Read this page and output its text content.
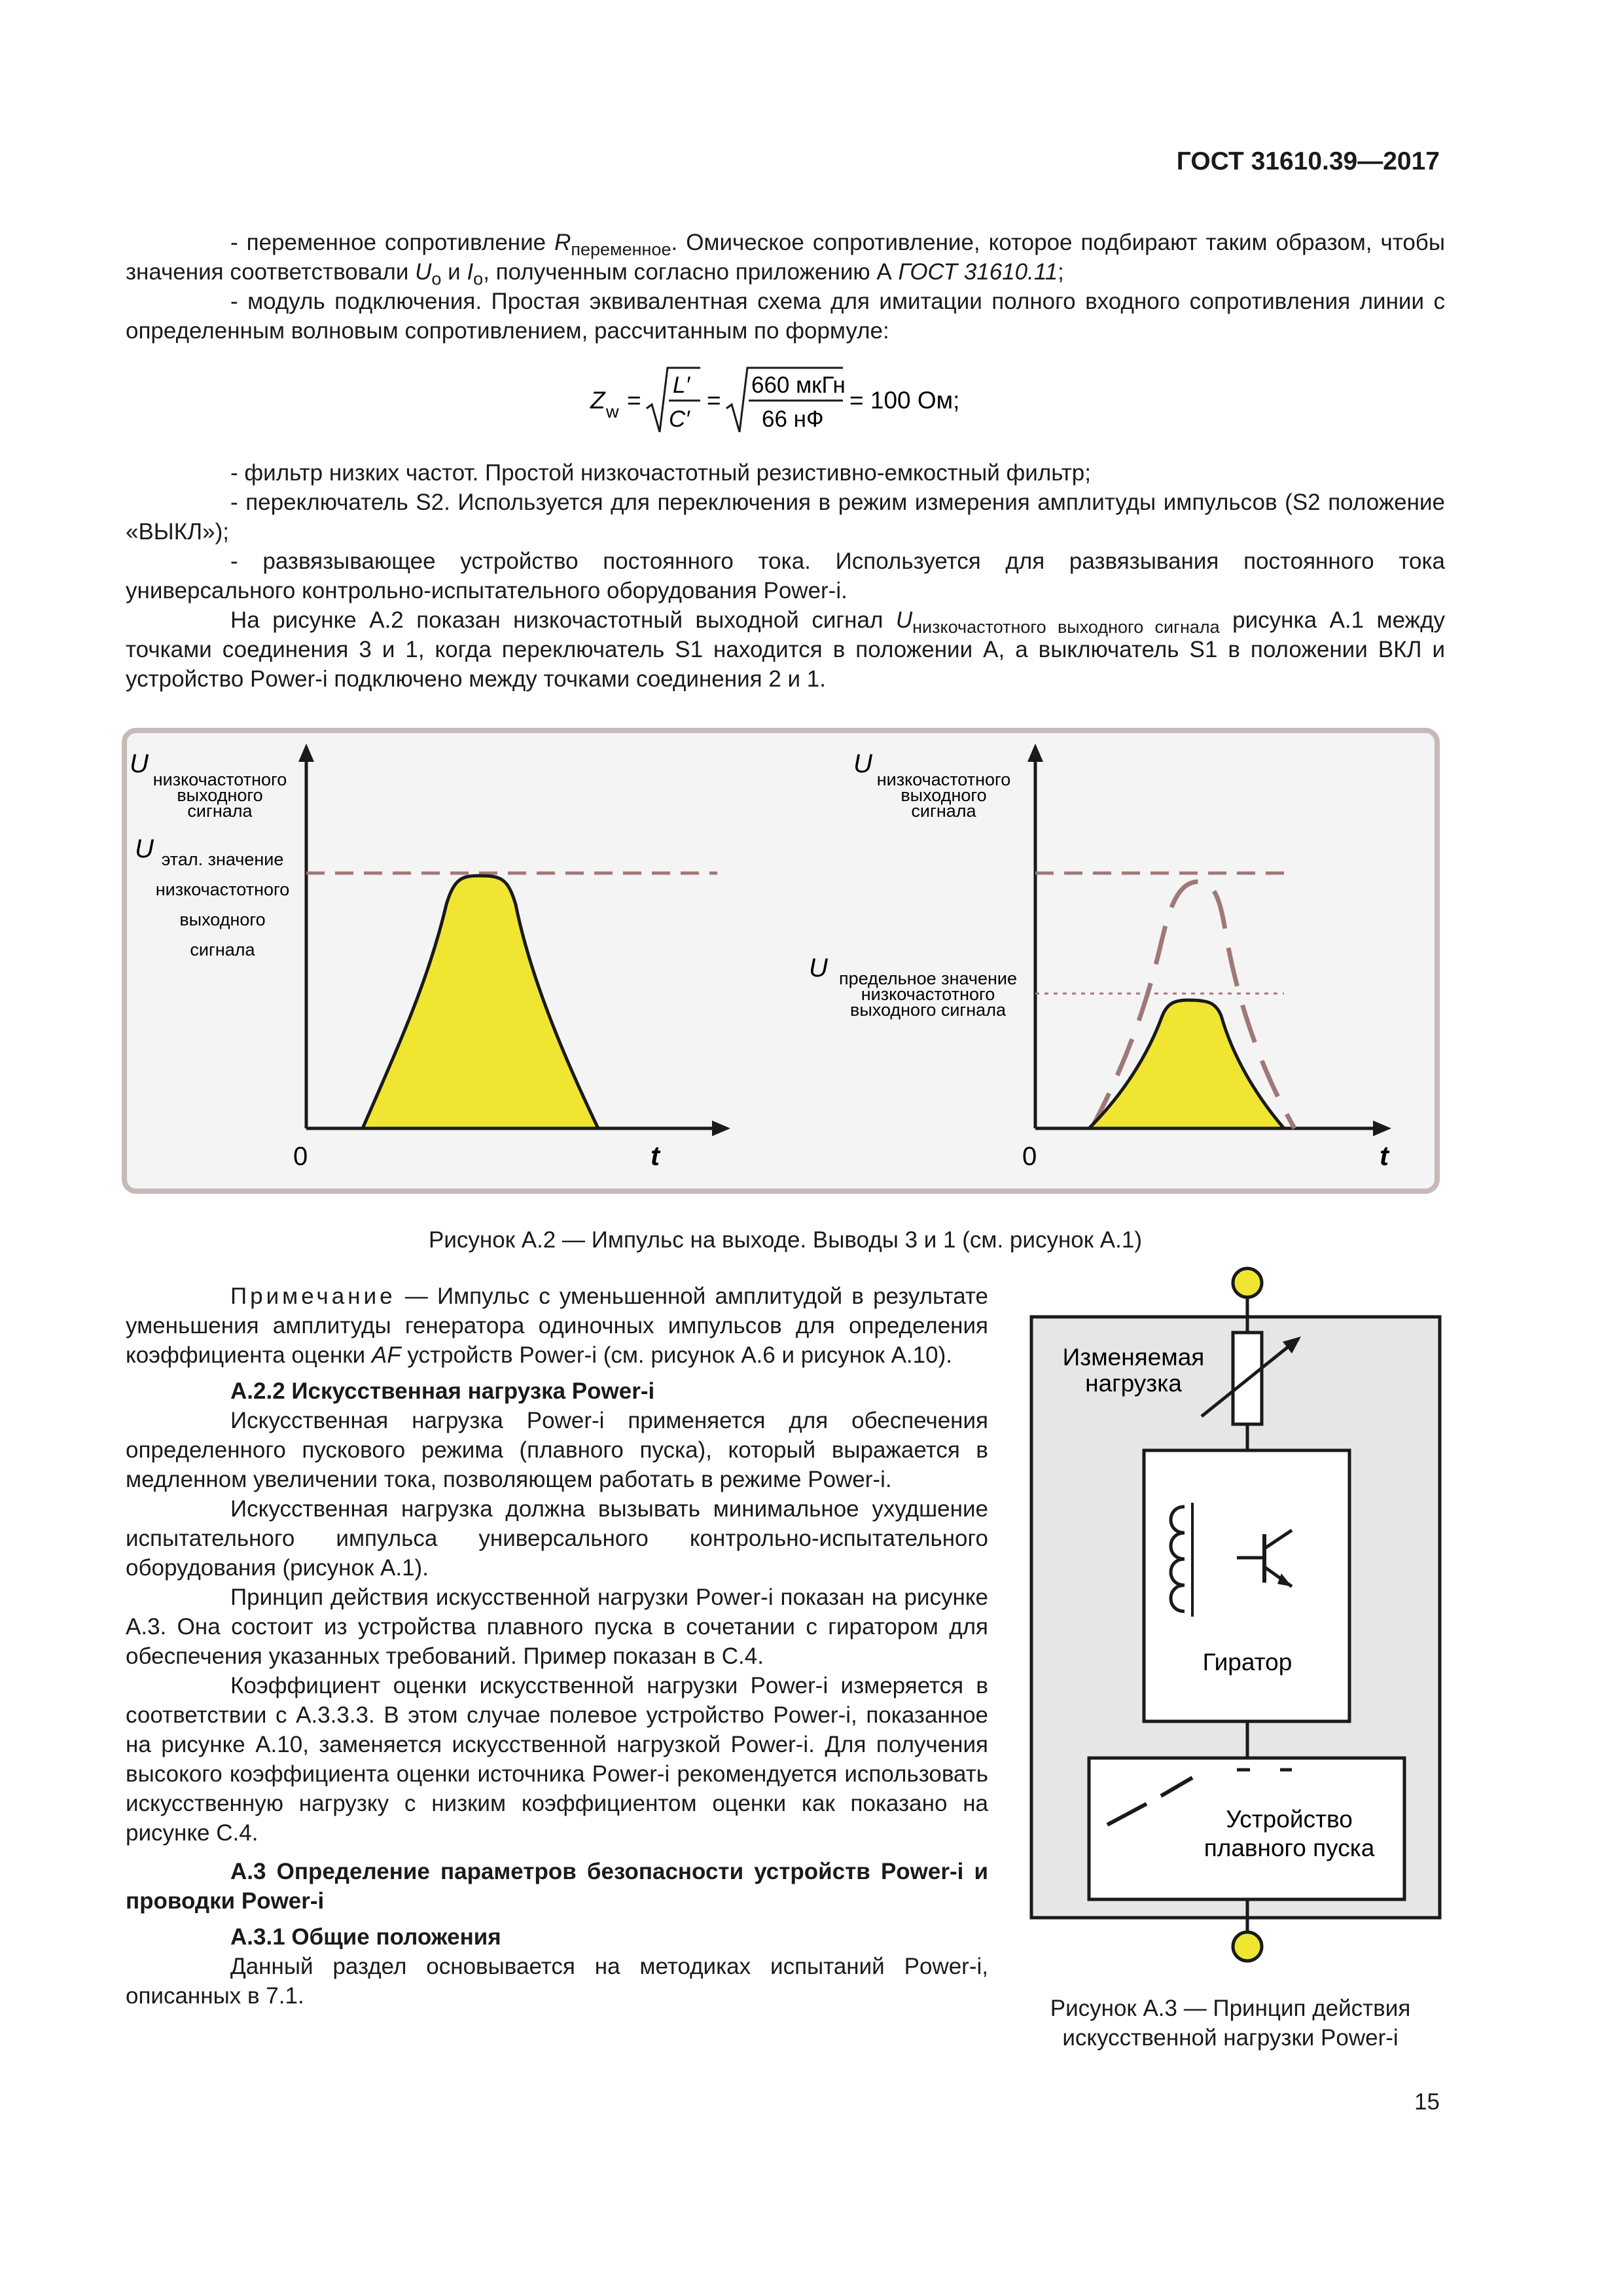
ГОСТ 31610.39—2017
- переменное сопротивление $R_{переменное}$. Омическое сопротивление, которое подбирают таким образом, чтобы значения соответствовали $U_o$ и $I_o$, полученным согласно приложению А ГОСТ 31610.11;
- модуль подключения. Простая эквивалентная схема для имитации полного входного сопротивления линии с определенным волновым сопротивлением, рассчитанным по формуле:
Z w =
L′
C′
=
660 мкГн
66 нФ
= 100 Ом;
- фильтр низких частот. Простой низкочастотный резистивно-емкостный фильтр;
- переключатель S2. Используется для переключения в режим измерения амплитуды импульсов (S2 положение «ВЫКЛ»);
- развязывающее устройство постоянного тока. Используется для развязывания постоянного тока универсального контрольно-испытательного оборудования Power-i.
На рисунке А.2 показан низкочастотный выходной сигнал $U_{низкочастотного выходного сигнала}$ рисунка А.1 между точками соединения 3 и 1, когда переключатель S1 находится в положении А, а выключатель S1 в положении ВКЛ и устройство Power-i подключено между точками соединения 2 и 1.
U
низкочастотного
выходного
сигнала
U этал. значение
низкочастотного
выходного
сигнала
0	t
U
низкочастотного
выходного
сигнала
U предельное значение
низкочастотного
выходного сигнала
0	t
Рисунок А.2 — Импульс на выходе. Выводы 3 и 1 (см. рисунок А.1)
Примечание — Импульс с уменьшенной амплитудой в результате уменьшения амплитуды генератора одиночных импульсов для определения коэффициента оценки AF устройств Power-i (см. рисунок А.6 и рисунок А.10).
А.2.2 Искусственная нагрузка Power-i
Искусственная нагрузка Power-i применяется для обеспечения определенного пускового режима (плавного пуска), который выражается в медленном увеличении тока, позволяющем работать в режиме Power-i.
Искусственная нагрузка должна вызывать минимальное ухудшение испытательного импульса универсального контрольно-испытательного оборудования (рисунок А.1).
Принцип действия искусственной нагрузки Power-i показан на рисунке А.3. Она состоит из устройства плавного пуска в сочетании с гиратором для обеспечения указанных требований. Пример показан в С.4.
Коэффициент оценки искусственной нагрузки Power-i измеряется в соответствии с А.3.3.3. В этом случае полевое устройство Power-i, показанное на рисунке А.10, заменяется искусственной нагрузкой Power-i. Для получения высокого коэффициента оценки источника Power-i рекомендуется использовать искусственную нагрузку с низким коэффициентом оценки как показано на рисунке С.4.
А.3 Определение параметров безопасности устройств Power-i и проводки Power-i
А.3.1 Общие положения
Данный раздел основывается на методиках испытаний Power-i, описанных в 7.1.
Изменяемая
нагрузка
Гиратор
Устройство
плавного пуска
Рисунок А.3 — Принцип действия
искусственной нагрузки Power-i
15
